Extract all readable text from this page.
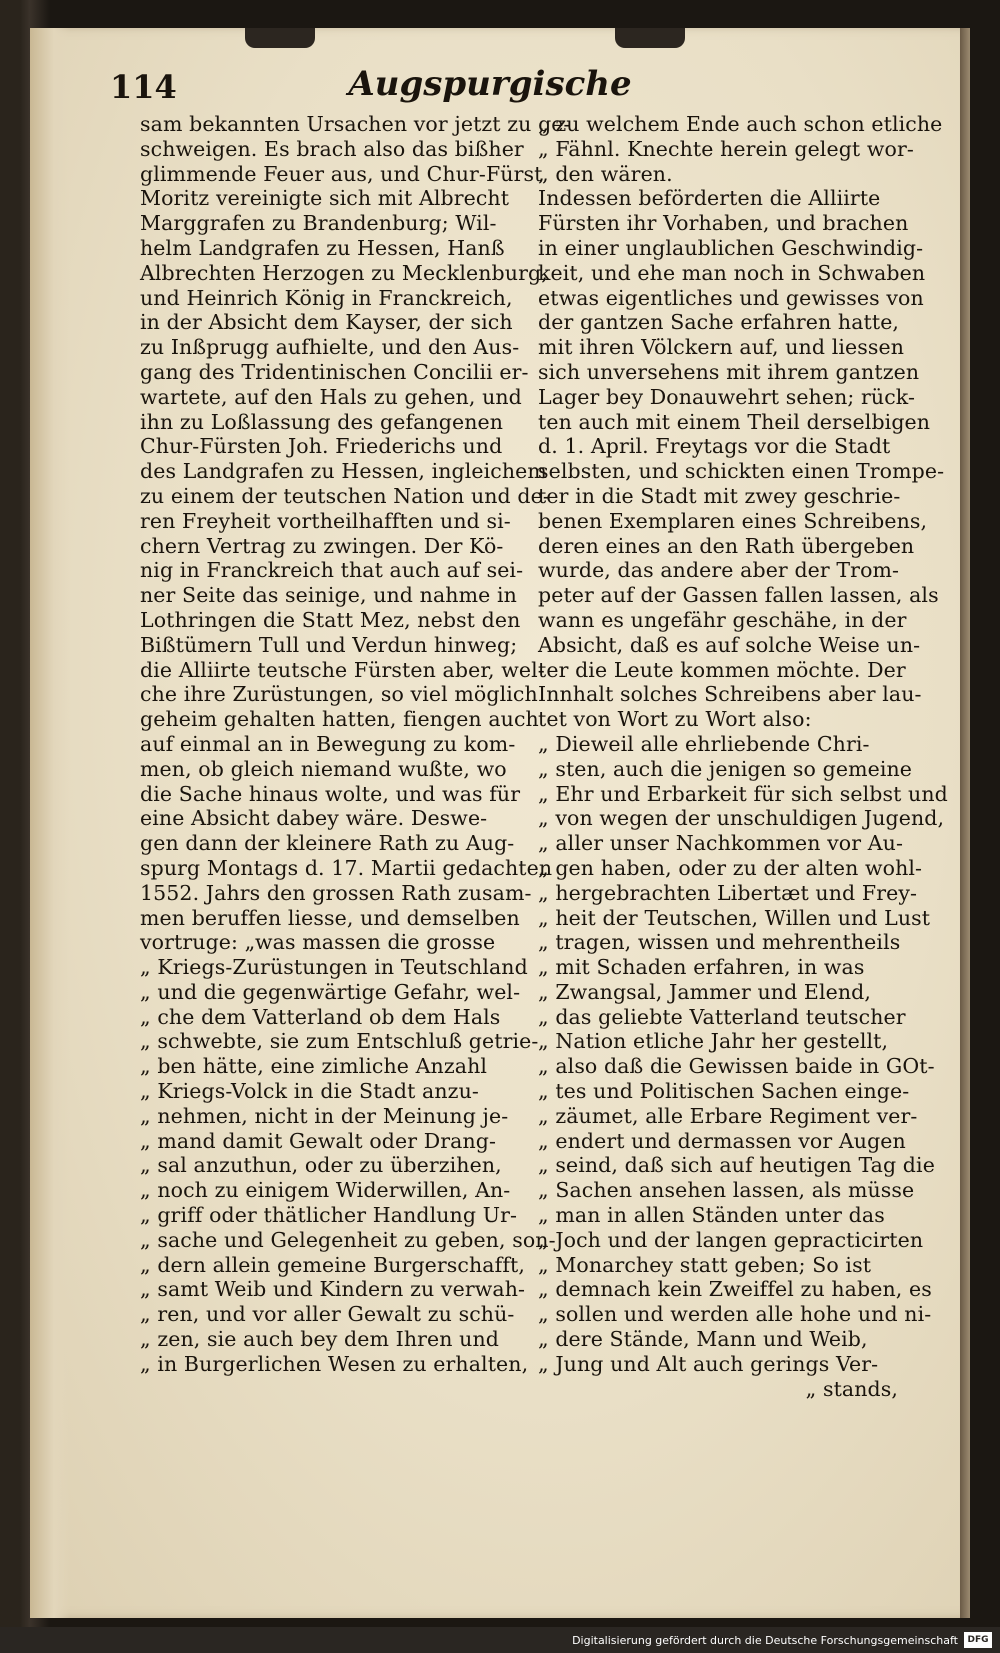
114	Augspurgische
sam bekannten Ursachen vor jetzt zu ge-
schweigen. Es brach also das bißher
glimmende Feuer aus, und Chur-Fürst
Moritz vereinigte sich mit Albrecht
Marggrafen zu Brandenburg; Wil-
helm Landgrafen zu Hessen, Hanß
Albrechten Herzogen zu Mecklenburg,
und Heinrich König in Franckreich,
in der Absicht dem Kayser, der sich
zu Inßprugg aufhielte, und den Aus-
gang des Tridentinischen Concilii er-
wartete, auf den Hals zu gehen, und
ihn zu Loßlassung des gefangenen
Chur-Fürsten Joh. Friederichs und
des Landgrafen zu Hessen, ingleichem
zu einem der teutschen Nation und de-
ren Freyheit vortheilhafften und si-
chern Vertrag zu zwingen. Der Kö-
nig in Franckreich that auch auf sei-
ner Seite das seinige, und nahme in
Lothringen die Statt Mez, nebst den
Bißtümern Tull und Verdun hinweg;
die Alliirte teutsche Fürsten aber, wel-
che ihre Zurüstungen, so viel möglich
geheim gehalten hatten, fiengen auch
auf einmal an in Bewegung zu kom-
men, ob gleich niemand wußte, wo
die Sache hinaus wolte, und was für
eine Absicht dabey wäre. Deswe-
gen dann der kleinere Rath zu Aug-
spurg Montags d. 17. Martii gedachten
1552. Jahrs den grossen Rath zusam-
men beruffen liesse, und demselben
vortruge: „was massen die grosse
„ Kriegs-Zurüstungen in Teutschland
„ und die gegenwärtige Gefahr, wel-
„ che dem Vatterland ob dem Hals
„ schwebte, sie zum Entschluß getrie-
„ ben hätte, eine zimliche Anzahl
„ Kriegs-Volck in die Stadt anzu-
„ nehmen, nicht in der Meinung je-
„ mand damit Gewalt oder Drang-
„ sal anzuthun, oder zu überzihen,
„ noch zu einigem Widerwillen, An-
„ griff oder thätlicher Handlung Ur-
„ sache und Gelegenheit zu geben, son-
„ dern allein gemeine Burgerschafft,
„ samt Weib und Kindern zu verwah-
„ ren, und vor aller Gewalt zu schü-
„ zen, sie auch bey dem Ihren und
„ in Burgerlichen Wesen zu erhalten,
„ zu welchem Ende auch schon etliche
„ Fähnl. Knechte herein gelegt wor-
„ den wären.
Indessen beförderten die Alliirte
Fürsten ihr Vorhaben, und brachen
in einer unglaublichen Geschwindig-
keit, und ehe man noch in Schwaben
etwas eigentliches und gewisses von
der gantzen Sache erfahren hatte,
mit ihren Völckern auf, und liessen
sich unversehens mit ihrem gantzen
Lager bey Donauwehrt sehen; rück-
ten auch mit einem Theil derselbigen
d. 1. April. Freytags vor die Stadt
selbsten, und schickten einen Trompe-
ter in die Stadt mit zwey geschrie-
benen Exemplaren eines Schreibens,
deren eines an den Rath übergeben
wurde, das andere aber der Trom-
peter auf der Gassen fallen lassen, als
wann es ungefähr geschähe, in der
Absicht, daß es auf solche Weise un-
ter die Leute kommen möchte. Der
Innhalt solches Schreibens aber lau-
tet von Wort zu Wort also:
„ Dieweil alle ehrliebende Chri-
„ sten, auch die jenigen so gemeine
„ Ehr und Erbarkeit für sich selbst und
„ von wegen der unschuldigen Jugend,
„ aller unser Nachkommen vor Au-
„ gen haben, oder zu der alten wohl-
„ hergebrachten Libertæt und Frey-
„ heit der Teutschen, Willen und Lust
„ tragen, wissen und mehrentheils
„ mit Schaden erfahren, in was
„ Zwangsal, Jammer und Elend,
„ das geliebte Vatterland teutscher
„ Nation etliche Jahr her gestellt,
„ also daß die Gewissen baide in GOt-
„ tes und Politischen Sachen einge-
„ zäumet, alle Erbare Regiment ver-
„ endert und dermassen vor Augen
„ seind, daß sich auf heutigen Tag die
„ Sachen ansehen lassen, als müsse
„ man in allen Ständen unter das
„ Joch und der langen gepracticirten
„ Monarchey statt geben; So ist
„ demnach kein Zweiffel zu haben, es
„ sollen und werden alle hohe und ni-
„ dere Stände, Mann und Weib,
„ Jung und Alt auch gerings Ver-
„ stands,
Digitalisierung gefördert durch die Deutsche Forschungsgemeinschaft	DFG
